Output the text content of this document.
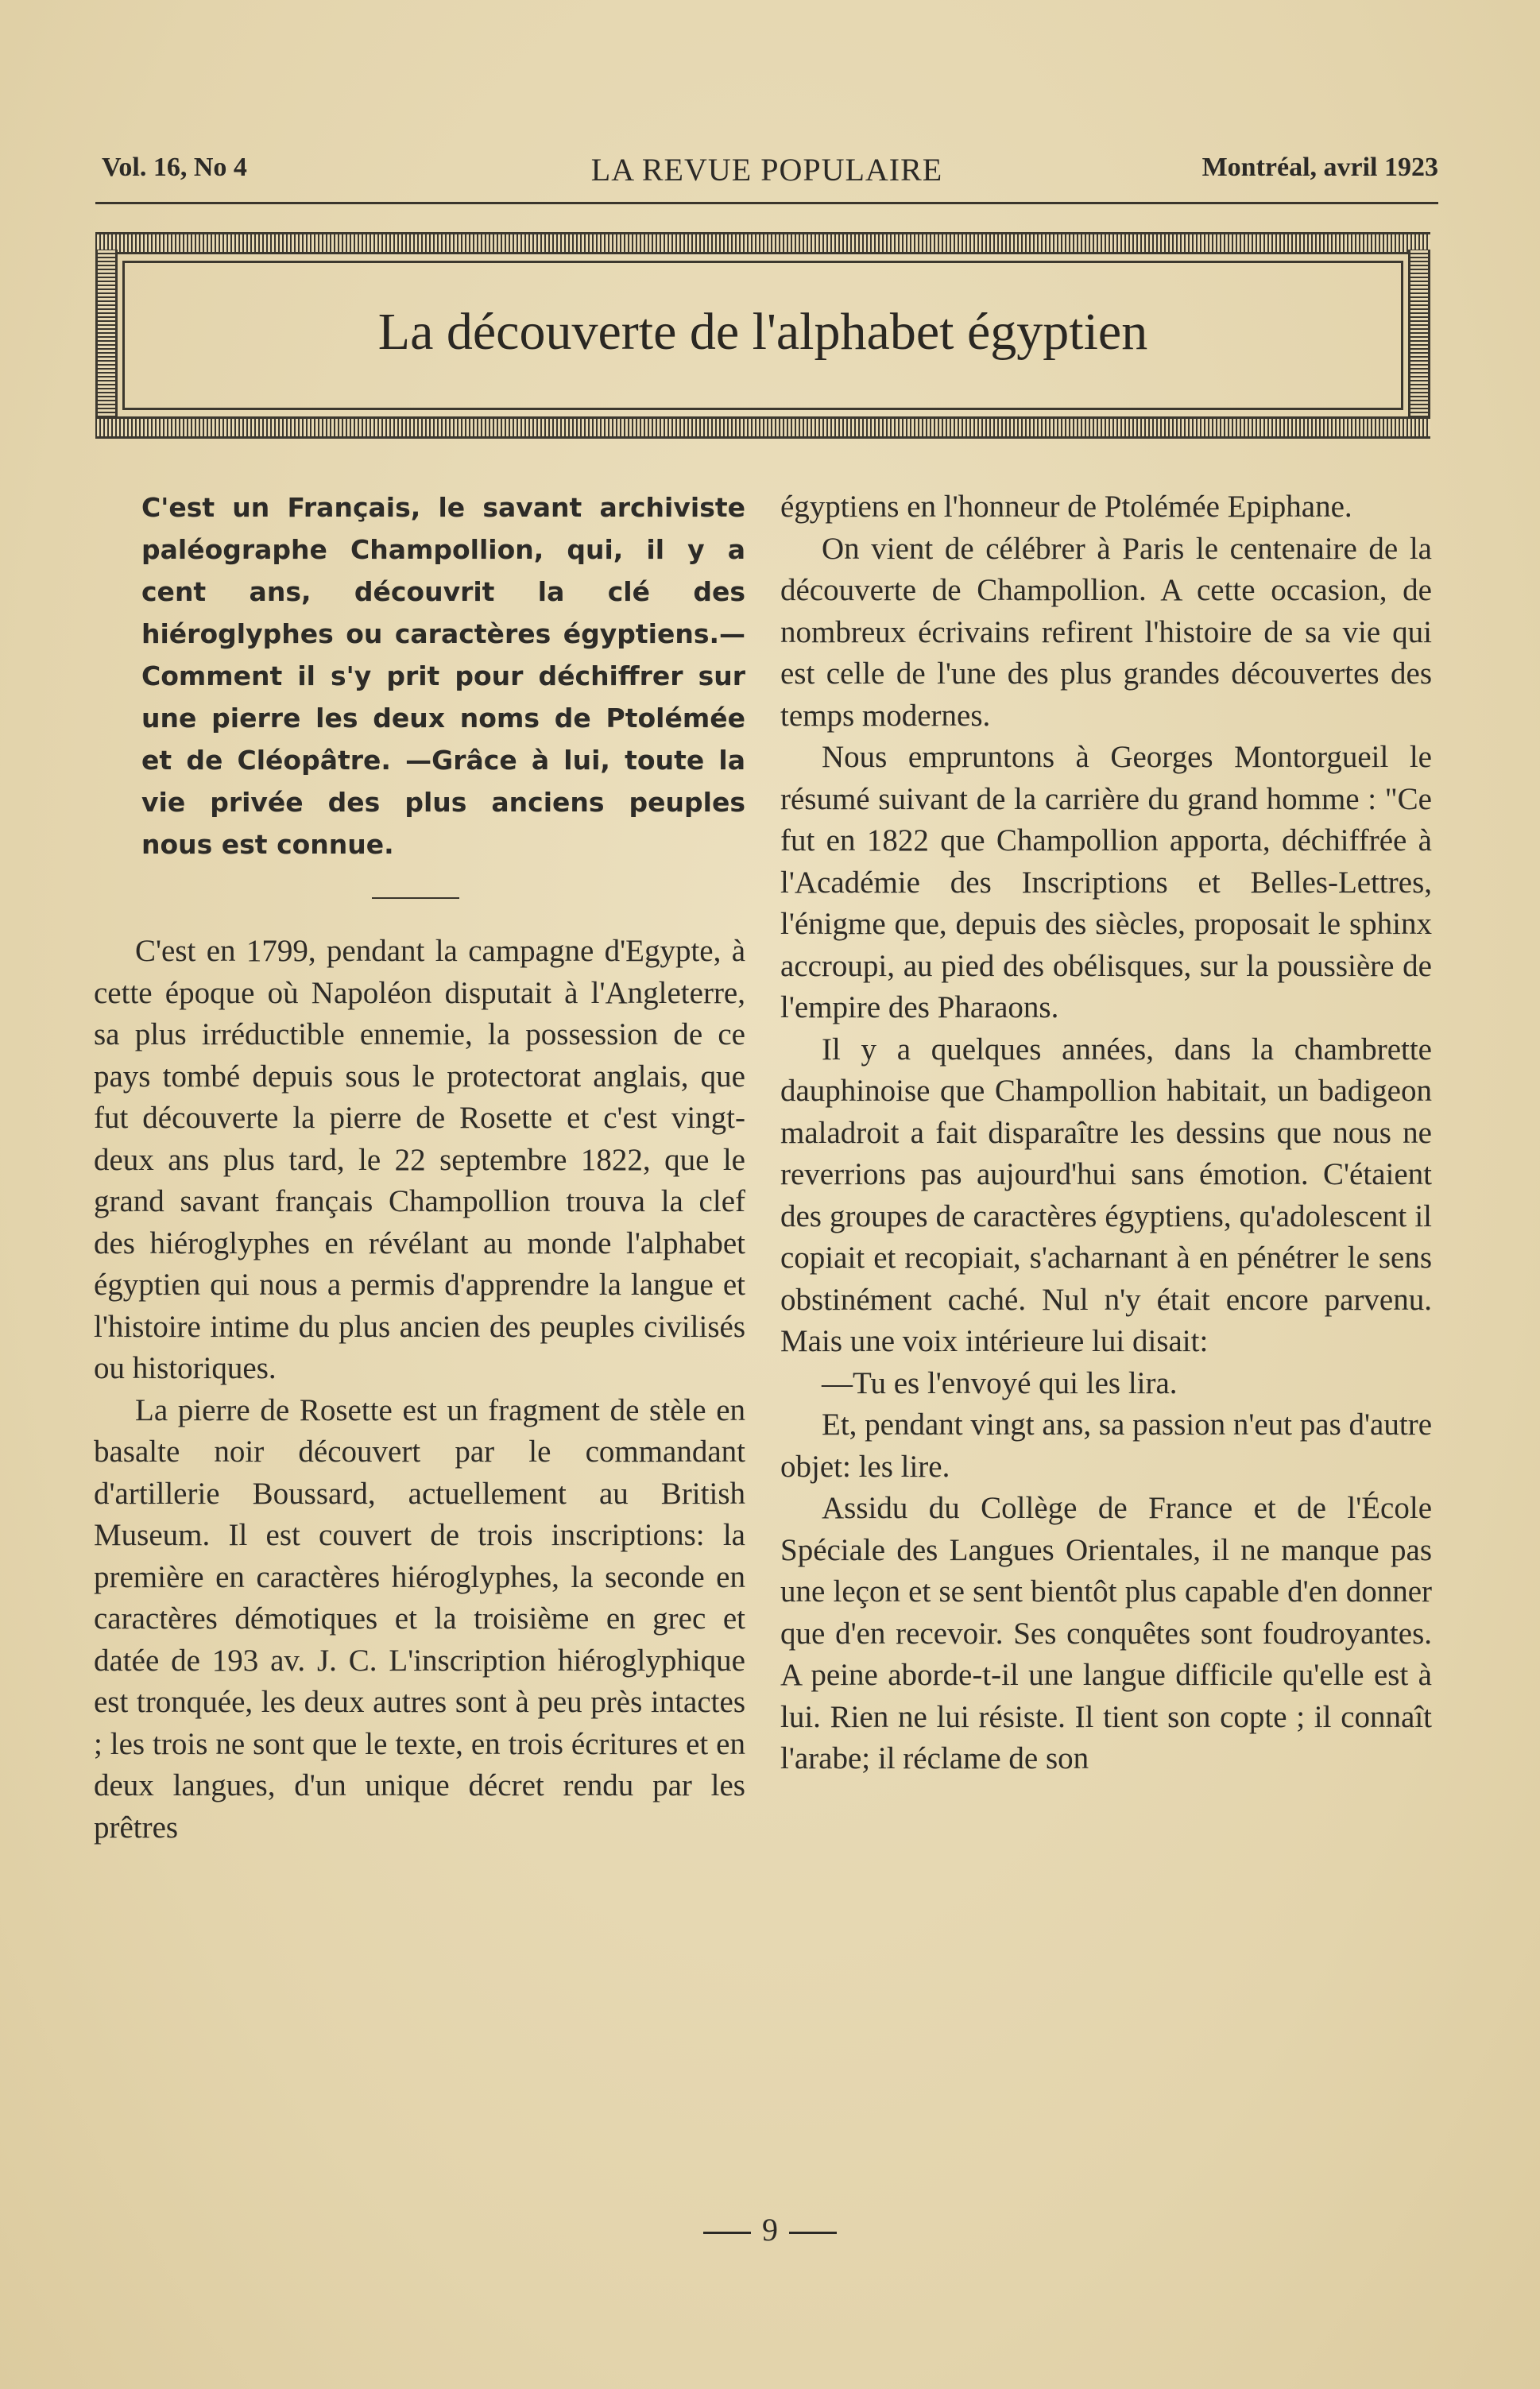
Vol. 16, No 4	LA REVUE POPULAIRE	Montréal, avril 1923
La découverte de l'alphabet égyptien

C'est un Français, le savant archiviste paléographe Champollion, qui, il y a cent ans, découvrit la clé des hiéroglyphes ou caractères égyptiens.—Comment il s'y prit pour déchiffrer sur une pierre les deux noms de Ptolémée et de Cléopâtre. —Grâce à lui, toute la vie privée des plus anciens peuples nous est connue.

C'est en 1799, pendant la campagne d'Egypte, à cette époque où Napoléon disputait à l'Angleterre, sa plus irréductible ennemie, la possession de ce pays tombé depuis sous le protectorat anglais, que fut découverte la pierre de Rosette et c'est vingt-deux ans plus tard, le 22 septembre 1822, que le grand savant français Champollion trouva la clef des hiéroglyphes en révélant au monde l'alphabet égyptien qui nous a permis d'apprendre la langue et l'histoire intime du plus ancien des peuples civilisés ou historiques.

La pierre de Rosette est un fragment de stèle en basalte noir découvert par le commandant d'artillerie Boussard, actuellement au British Museum. Il est couvert de trois inscriptions: la première en caractères hiéroglyphes, la seconde en caractères démotiques et la troisième en grec et datée de 193 av. J. C. L'inscription hiéroglyphique est tronquée, les deux autres sont à peu près intactes ; les trois ne sont que le texte, en trois écritures et en deux langues, d'un unique décret rendu par les prêtres

égyptiens en l'honneur de Ptolémée Epiphane.

On vient de célébrer à Paris le centenaire de la découverte de Champollion. A cette occasion, de nombreux écrivains refirent l'histoire de sa vie qui est celle de l'une des plus grandes découvertes des temps modernes.

Nous empruntons à Georges Montorgueil le résumé suivant de la carrière du grand homme : "Ce fut en 1822 que Champollion apporta, déchiffrée à l'Académie des Inscriptions et Belles-Lettres, l'énigme que, depuis des siècles, proposait le sphinx accroupi, au pied des obélisques, sur la poussière de l'empire des Pharaons.

Il y a quelques années, dans la chambrette dauphinoise que Champollion habitait, un badigeon maladroit a fait disparaître les dessins que nous ne reverrions pas aujourd'hui sans émotion. C'étaient des groupes de caractères égyptiens, qu'adolescent il copiait et recopiait, s'acharnant à en pénétrer le sens obstinément caché. Nul n'y était encore parvenu. Mais une voix intérieure lui disait:

—Tu es l'envoyé qui les lira.

Et, pendant vingt ans, sa passion n'eut pas d'autre objet: les lire.

Assidu du Collège de France et de l'École Spéciale des Langues Orientales, il ne manque pas une leçon et se sent bientôt plus capable d'en donner que d'en recevoir. Ses conquêtes sont foudroyantes. A peine aborde-t-il une langue difficile qu'elle est à lui. Rien ne lui résiste. Il tient son copte ; il connaît l'arabe; il réclame de son

9
